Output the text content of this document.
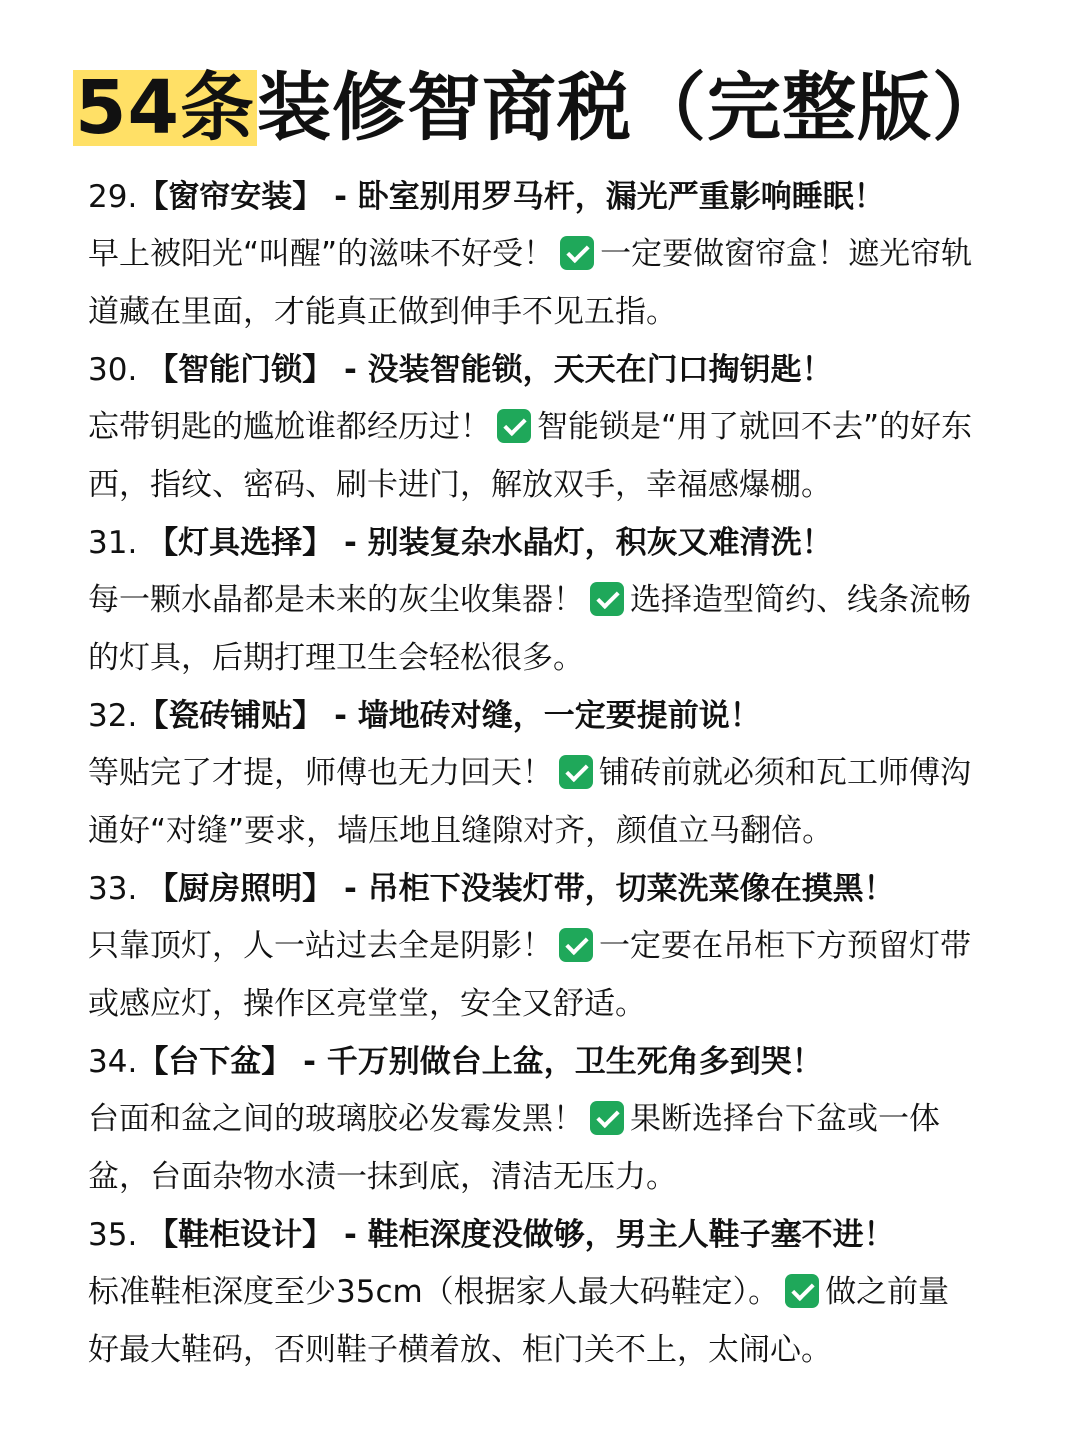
54条装修智商税（完整版）
29.【窗帘安装】 - 卧室别用罗马杆，漏光严重影响睡眠！
早上被阳光“叫醒”的滋味不好受！ 一定要做窗帘盒！遮光帘轨道藏在里面，才能真正做到伸手不见五指。
30. 【智能门锁】 - 没装智能锁，天天在门口掏钥匙！
忘带钥匙的尴尬谁都经历过！ 智能锁是“用了就回不去”的好东西，指纹、密码、刷卡进门，解放双手，幸福感爆棚。
31. 【灯具选择】 - 别装复杂水晶灯，积灰又难清洗！
每一颗水晶都是未来的灰尘收集器！ 选择造型简约、线条流畅的灯具，后期打理卫生会轻松很多。
32.【瓷砖铺贴】 - 墙地砖对缝，一定要提前说！
等贴完了才提，师傅也无力回天！ 铺砖前就必须和瓦工师傅沟通好“对缝”要求，墙压地且缝隙对齐，颜值立马翻倍。
33. 【厨房照明】 - 吊柜下没装灯带，切菜洗菜像在摸黑！
只靠顶灯，人一站过去全是阴影！ 一定要在吊柜下方预留灯带或感应灯，操作区亮堂堂，安全又舒适。
34.【台下盆】 - 千万别做台上盆，卫生死角多到哭！
台面和盆之间的玻璃胶必发霉发黑！ 果断选择台下盆或一体盆，台面杂物水渍一抹到底，清洁无压力。
35. 【鞋柜设计】 - 鞋柜深度没做够，男主人鞋子塞不进！
标准鞋柜深度至少35cm（根据家人最大码鞋定）。 做之前量好最大鞋码，否则鞋子横着放、柜门关不上，太闹心。
